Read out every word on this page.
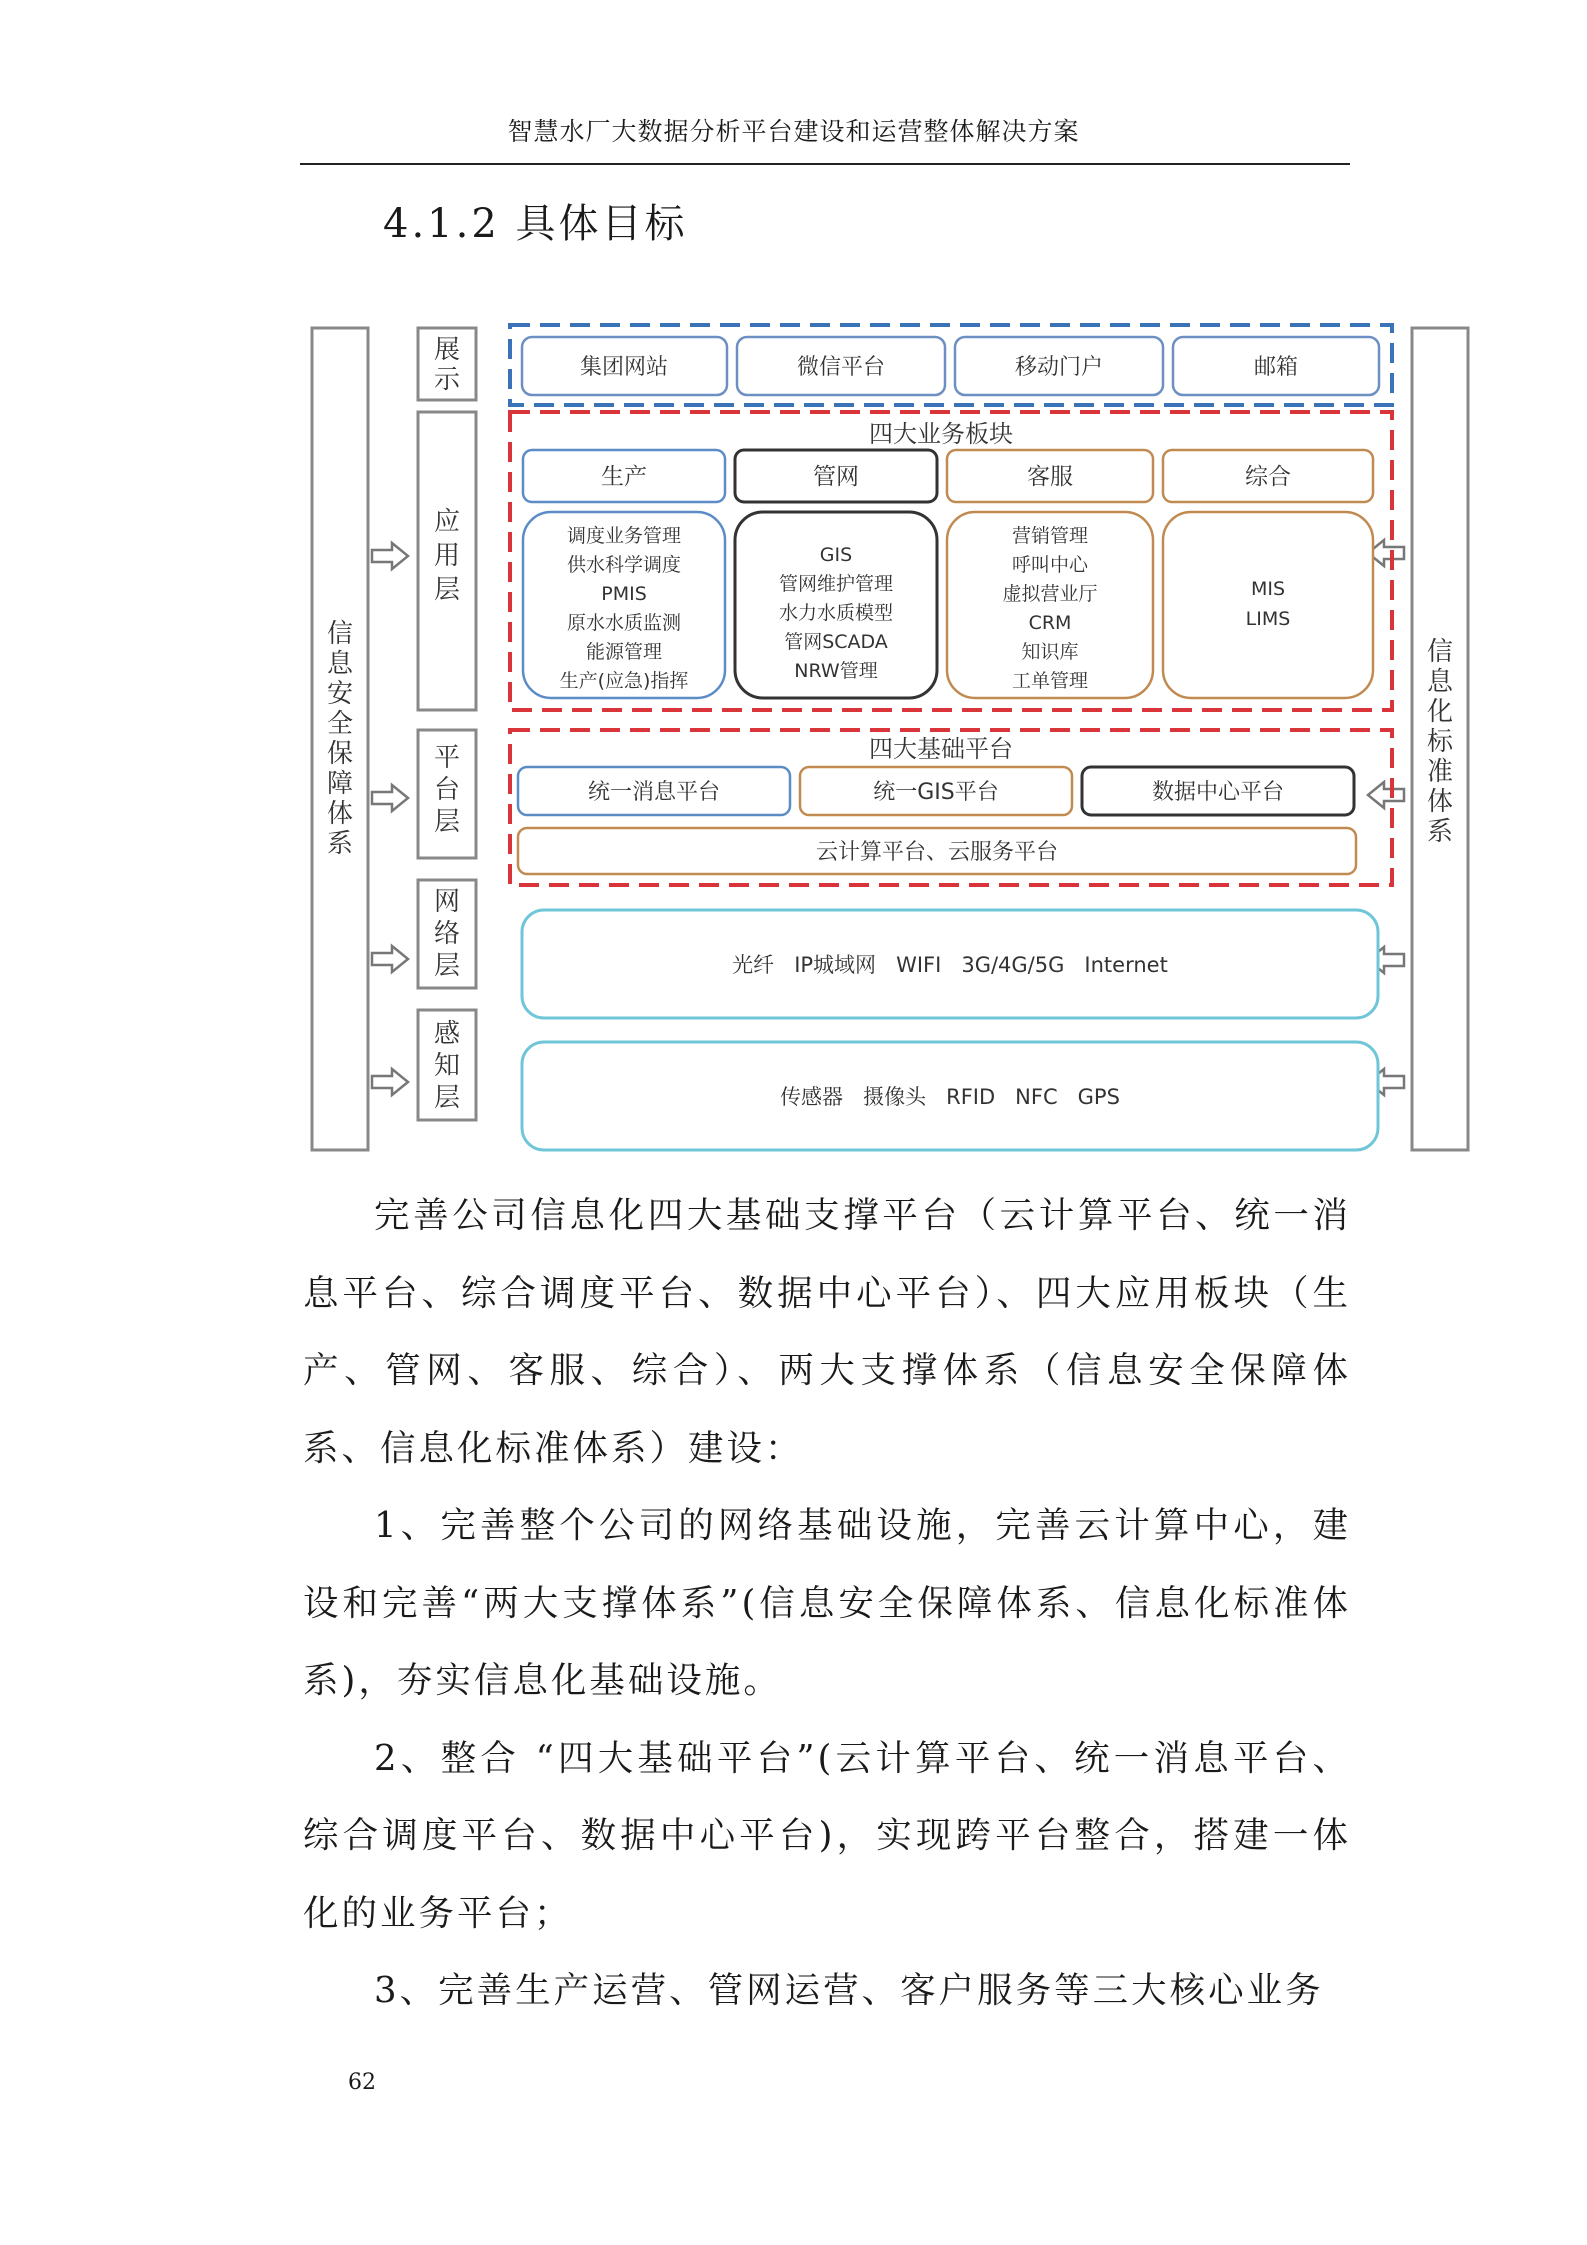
智慧水厂大数据分析平台建设和运营整体解决方案
4.1.2 具体目标
信
息
安
全
保
障
体
系
信
息
化
标
准
体
系
展
示
应
用
层
平
台
层
网
络
层
感
知
层
集团网站	微信平台	移动门户	邮箱
四大业务板块
生产	管网	客服	综合
调度业务管理
供水科学调度
PMIS
原水水质监测
能源管理
生产(应急)指挥
GIS
管网维护管理
水力水质模型
管网SCADA
NRW管理
营销管理
呼叫中心
虚拟营业厅
CRM
知识库
工单管理
MIS
LIMS
四大基础平台
统一消息平台	统一GIS平台	数据中心平台
云计算平台、云服务平台
光纤   IP城域网   WIFI   3G/4G/5G   Internet
传感器   摄像头   RFID   NFC   GPS

完善公司信息化四大基础支撑平台（云计算平台、统一消息平台、综合调度平台、数据中心平台）、四大应用板块（生产、管网、客服、综合）、两大支撑体系（信息安全保障体系、信息化标准体系）建设：

1、完善整个公司的网络基础设施，完善云计算中心，建设和完善“两大支撑体系”(信息安全保障体系、信息化标准体系)，夯实信息化基础设施。

2、整合 “四大基础平台”(云计算平台、统一消息平台、综合调度平台、数据中心平台)，实现跨平台整合，搭建一体化的业务平台；

3、完善生产运营、管网运营、客户服务等三大核心业务

62
